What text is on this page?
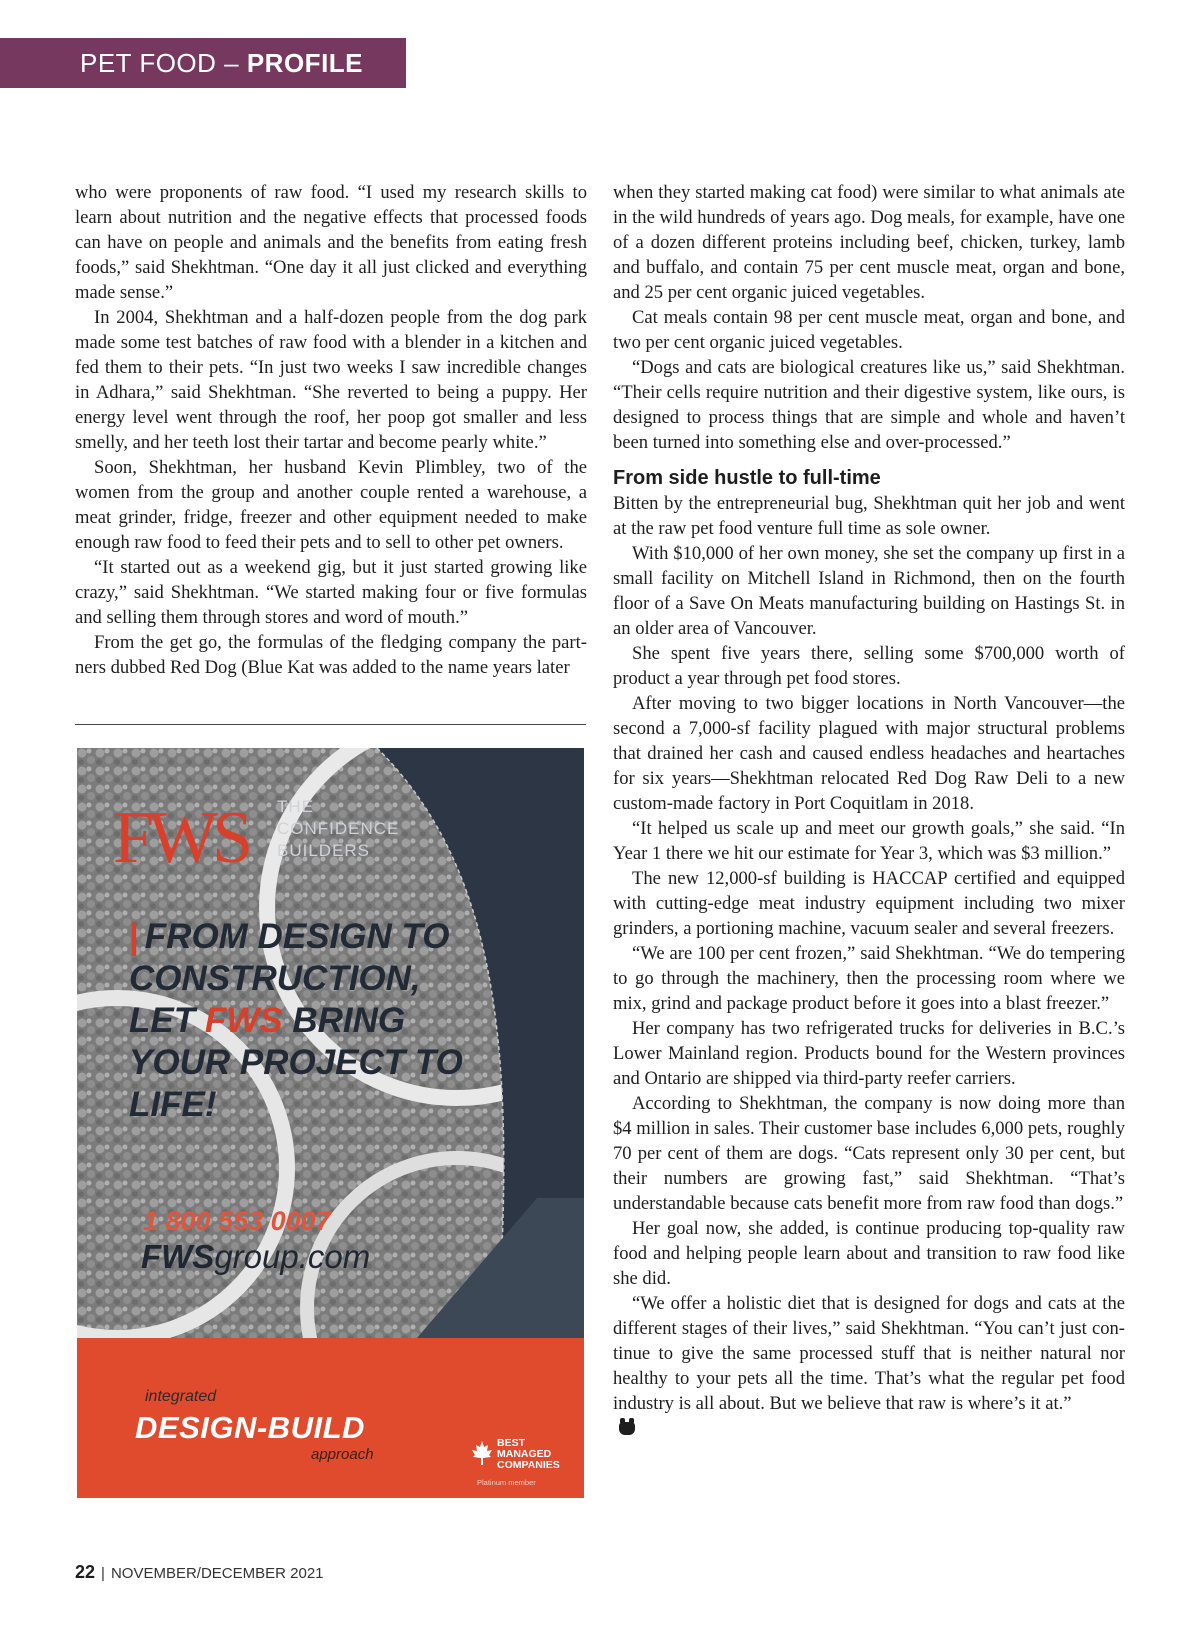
PET FOOD – PROFILE

who were proponents of raw food. “I used my research skills to learn about nutrition and the negative effects that processed foods can have on people and animals and the benefits from eating fresh foods,” said Shekhtman. “One day it all just clicked and everything made sense.”

In 2004, Shekhtman and a half-dozen people from the dog park made some test batches of raw food with a blender in a kitchen and fed them to their pets. “In just two weeks I saw incredible changes in Adhara,” said Shekhtman. “She reverted to being a puppy. Her energy level went through the roof, her poop got smaller and less smelly, and her teeth lost their tartar and become pearly white.”

Soon, Shekhtman, her husband Kevin Plimbley, two of the women from the group and another couple rented a warehouse, a meat grinder, fridge, freezer and other equipment needed to make enough raw food to feed their pets and to sell to other pet owners.

“It started out as a weekend gig, but it just started growing like crazy,” said Shekhtman. “We started making four or five formulas and selling them through stores and word of mouth.”

From the get go, the formulas of the fledging company the partners dubbed Red Dog (Blue Kat was added to the name years later

when they started making cat food) were similar to what animals ate in the wild hundreds of years ago. Dog meals, for example, have one of a dozen different proteins including beef, chicken, turkey, lamb and buffalo, and contain 75 per cent muscle meat, organ and bone, and 25 per cent organic juiced vegetables.

Cat meals contain 98 per cent muscle meat, organ and bone, and two per cent organic juiced vegetables.

“Dogs and cats are biological creatures like us,” said Shekhtman. “Their cells require nutrition and their digestive system, like ours, is designed to process things that are simple and whole and haven’t been turned into something else and over-processed.”

From side hustle to full-time

Bitten by the entrepreneurial bug, Shekhtman quit her job and went at the raw pet food venture full time as sole owner.

With $10,000 of her own money, she set the company up first in a small facility on Mitchell Island in Richmond, then on the fourth floor of a Save On Meats manufacturing building on Hastings St. in an older area of Vancouver.

She spent five years there, selling some $700,000 worth of product a year through pet food stores.

After moving to two bigger locations in North Vancouver—the second a 7,000-sf facility plagued with major structural problems that drained her cash and caused endless headaches and heartaches for six years—Shekhtman relocated Red Dog Raw Deli to a new custom-made factory in Port Coquitlam in 2018.

“It helped us scale up and meet our growth goals,” she said. “In Year 1 there we hit our estimate for Year 3, which was $3 million.”

The new 12,000-sf building is HACCAP certified and equipped with cutting-edge meat industry equipment including two mixer grinders, a portioning machine, vacuum sealer and several freezers.

“We are 100 per cent frozen,” said Shekhtman. “We do tempering to go through the machinery, then the processing room where we mix, grind and package product before it goes into a blast freezer.”

Her company has two refrigerated trucks for deliveries in B.C.’s Lower Mainland region. Products bound for the Western provinces and Ontario are shipped via third-party reefer carriers.

According to Shekhtman, the company is now doing more than $4 million in sales. Their customer base includes 6,000 pets, roughly 70 per cent of them are dogs. “Cats represent only 30 per cent, but their numbers are growing fast,” said Shekhtman. “That’s understandable because cats benefit more from raw food than dogs.”

Her goal now, she added, is continue producing top-quality raw food and helping people learn about and transition to raw food like she did.

“We offer a holistic diet that is designed for dogs and cats at the different stages of their lives,” said Shekhtman. “You can’t just continue to give the same processed stuff that is neither natural nor healthy to your pets all the time. That’s what the regular pet food industry is all about. But we believe that raw is where’s it at.”

FWS THE
CONFIDENCE
BUILDERS
| FROM DESIGN TO CONSTRUCTION, LET FWS BRING YOUR PROJECT TO LIFE!
1 800 553 0007
FWSgroup.com
integrated
DESIGN-BUILD
approach
BEST
MANAGED
COMPANIES
Platinum member
22 | NOVEMBER/DECEMBER 2021
